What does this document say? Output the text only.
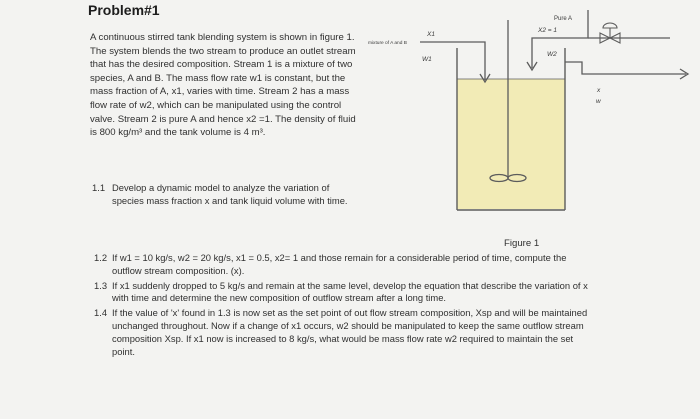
Problem#1

A continuous stirred tank blending system is shown in figure 1. The system blends the two stream to produce an outlet stream that has the desired composition. Stream 1 is a mixture of two species, A and B. The mass flow rate w1 is constant, but the mass fraction of A, x1, varies with time. Stream 2 has a mass flow rate of w2, which can be manipulated using the control valve. Stream 2 is pure A and hence x2 =1. The density of fluid is 800 kg/m³ and the tank volume is 4 m³.

1.1 Develop a dynamic model to analyze the variation of species mass fraction x and tank liquid volume with time.
Pure A
X2 = 1
W2
X1
mixture of A and B
W1
x
w
Figure 1
1.2 If w1 = 10 kg/s, w2 = 20 kg/s, x1 = 0.5, x2= 1 and those remain for a considerable period of time, compute the outflow stream composition. (x).
1.3 If x1 suddenly dropped to 5 kg/s and remain at the same level, develop the equation that describe the variation of x with time and determine the new composition of outflow stream after a long time.
1.4 If the value of 'x' found in 1.3 is now set as the set point of out flow stream composition, Xsp and will be maintained unchanged throughout. Now if a change of x1 occurs, w2 should be manipulated to keep the same outflow stream composition Xsp. If x1 now is increased to 8 kg/s, what would be mass flow rate w2 required to maintain the set point.
